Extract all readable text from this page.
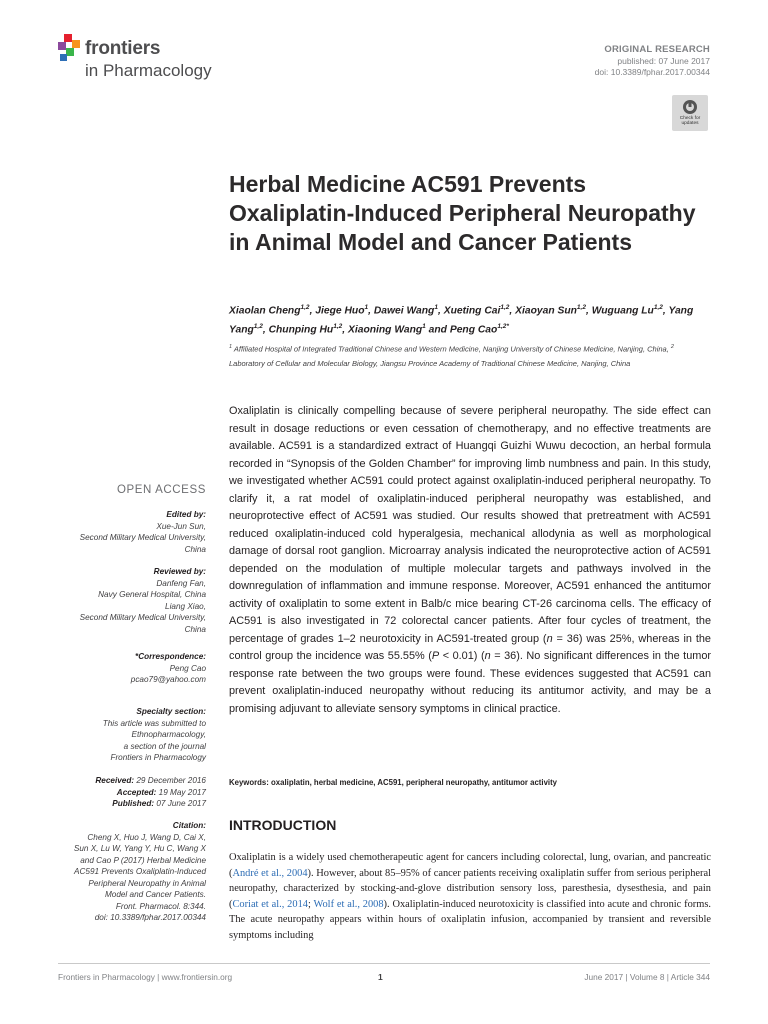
frontiers
in Pharmacology
ORIGINAL RESEARCH
published: 07 June 2017
doi: 10.3389/fphar.2017.00344
Check for
updates
Herbal Medicine AC591 Prevents Oxaliplatin-Induced Peripheral Neuropathy in Animal Model and Cancer Patients
Xiaolan Cheng$^{1,2}$, Jiege Huo$^1$, Dawei Wang$^1$, Xueting Cai$^{1,2}$, Xiaoyan Sun$^{1,2}$, Wuguang Lu$^{1,2}$, Yang Yang$^{1,2}$, Chunping Hu$^{1,2}$, Xiaoning Wang$^1$ and Peng Cao$^{1,2*}$
$^1$ Affiliated Hospital of Integrated Traditional Chinese and Western Medicine, Nanjing University of Chinese Medicine, Nanjing, China, $^2$ Laboratory of Cellular and Molecular Biology, Jiangsu Province Academy of Traditional Chinese Medicine, Nanjing, China

Oxaliplatin is clinically compelling because of severe peripheral neuropathy. The side effect can result in dosage reductions or even cessation of chemotherapy, and no effective treatments are available. AC591 is a standardized extract of Huangqi Guizhi Wuwu decoction, an herbal formula recorded in “Synopsis of the Golden Chamber” for improving limb numbness and pain. In this study, we investigated whether AC591 could protect against oxaliplatin-induced peripheral neuropathy. To clarify it, a rat model of oxaliplatin-induced peripheral neuropathy was established, and neuroprotective effect of AC591 was studied. Our results showed that pretreatment with AC591 reduced oxaliplatin-induced cold hyperalgesia, mechanical allodynia as well as morphological damage of dorsal root ganglion. Microarray analysis indicated the neuroprotective action of AC591 depended on the modulation of multiple molecular targets and pathways involved in the downregulation of inflammation and immune response. Moreover, AC591 enhanced the antitumor activity of oxaliplatin to some extent in Balb/c mice bearing CT-26 carcinoma cells. The efficacy of AC591 is also investigated in 72 colorectal cancer patients. After four cycles of treatment, the percentage of grades 1–2 neurotoxicity in AC591-treated group (n = 36) was 25%, whereas in the control group the incidence was 55.55% (P < 0.01) (n = 36). No significant differences in the tumor response rate between the two groups were found. These evidences suggested that AC591 can prevent oxaliplatin-induced neuropathy without reducing its antitumor activity, and may be a promising adjuvant to alleviate sensory symptoms in clinical practice.

Keywords: oxaliplatin, herbal medicine, AC591, peripheral neuropathy, antitumor activity
INTRODUCTION

Oxaliplatin is a widely used chemotherapeutic agent for cancers including colorectal, lung, ovarian, and pancreatic (André et al., 2004). However, about 85–95% of cancer patients receiving oxaliplatin suffer from serious peripheral neuropathy, characterized by stocking-and-glove distribution sensory loss, paresthesia, dysesthesia, and pain (Coriat et al., 2014; Wolf et al., 2008). Oxaliplatin-induced neurotoxicity is classified into acute and chronic forms. The acute neuropathy appears within hours of oxaliplatin infusion, accompanied by transient and reversible symptoms including

OPEN ACCESS
Edited by:
Xue-Jun Sun,
Second Military Medical University,
China
Reviewed by:
Danfeng Fan,
Navy General Hospital, China
Liang Xiao,
Second Military Medical University,
China
*Correspondence:
Peng Cao
pcao79@yahoo.com
Specialty section:
This article was submitted to
Ethnopharmacology,
a section of the journal
Frontiers in Pharmacology
Received: 29 December 2016
Accepted: 19 May 2017
Published: 07 June 2017
Citation:
Cheng X, Huo J, Wang D, Cai X,
Sun X, Lu W, Yang Y, Hu C, Wang X
and Cao P (2017) Herbal Medicine
AC591 Prevents Oxaliplatin-Induced
Peripheral Neuropathy in Animal
Model and Cancer Patients.
Front. Pharmacol. 8:344.
doi: 10.3389/fphar.2017.00344
Frontiers in Pharmacology | www.frontiersin.org	1	June 2017 | Volume 8 | Article 344
